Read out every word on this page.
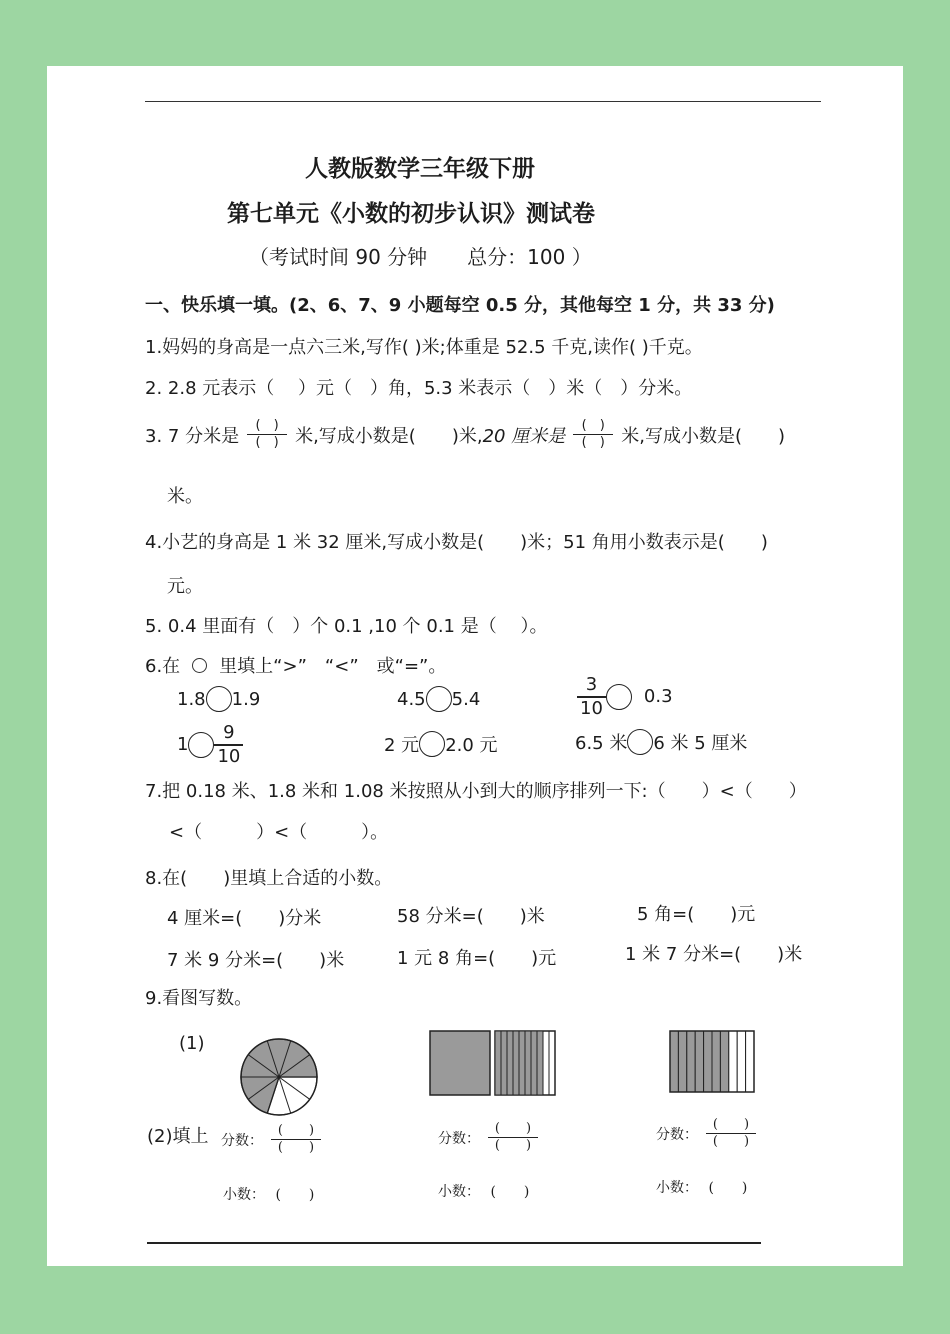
人教版数学三年级下册
第七单元《小数的初步认识》测试卷
（考试时间 90 分钟　　总分：100 ）
一、快乐填一填。(2、6、7、9 小题每空 0.5 分，其他每空 1 分，共 33 分)
1.妈妈的身高是一点六三米,写作( )米;体重是 52.5 千克,读作( )千克。
2. 2.8 元表示（　 ）元（　）角，5.3 米表示（　）米（　）分米。
3. 7 分米是
(　)
(　) 米,写成小数是(　　)米, 20 厘米是
(　)
(　) 米,写成小数是(　　)
米。
4.小艺的身高是 1 米 32 厘米,写成小数是(　　)米；51 角用小数表示是(　　)
元。
5. 0.4 里面有（　）个 0.1 ,10 个 0.1 是（　 ）。
6.在 里填上“>”　“<”　或“=”。
1.8 1.9	4.5 5.4	$\frac{3}{10} 0.3$
$1 \frac{9}{10}$	2 元 2.0 元	6.5 米 6 米 5 厘米
7.把 0.18 米、1.8 米和 1.08 米按照从小到大的顺序排列一下:（　　）<（　　）
<（　　　）<（　　　）。
8.在(　　)里填上合适的小数。
4 厘米=(　　)分米	58 分米=(　　)米	5 角=(　　)元
7 米 9 分米=(　　)米	1 元 8 角=(　　)元	1 米 7 分米=(　　)米
9.看图写数。
(1)
(2)填上 分数：
(　　)
(　　)
小数： (　　)
分数：
(　　)
(　　)
小数： (　　)
分数：
(　　)
(　　)
小数： (　　)
